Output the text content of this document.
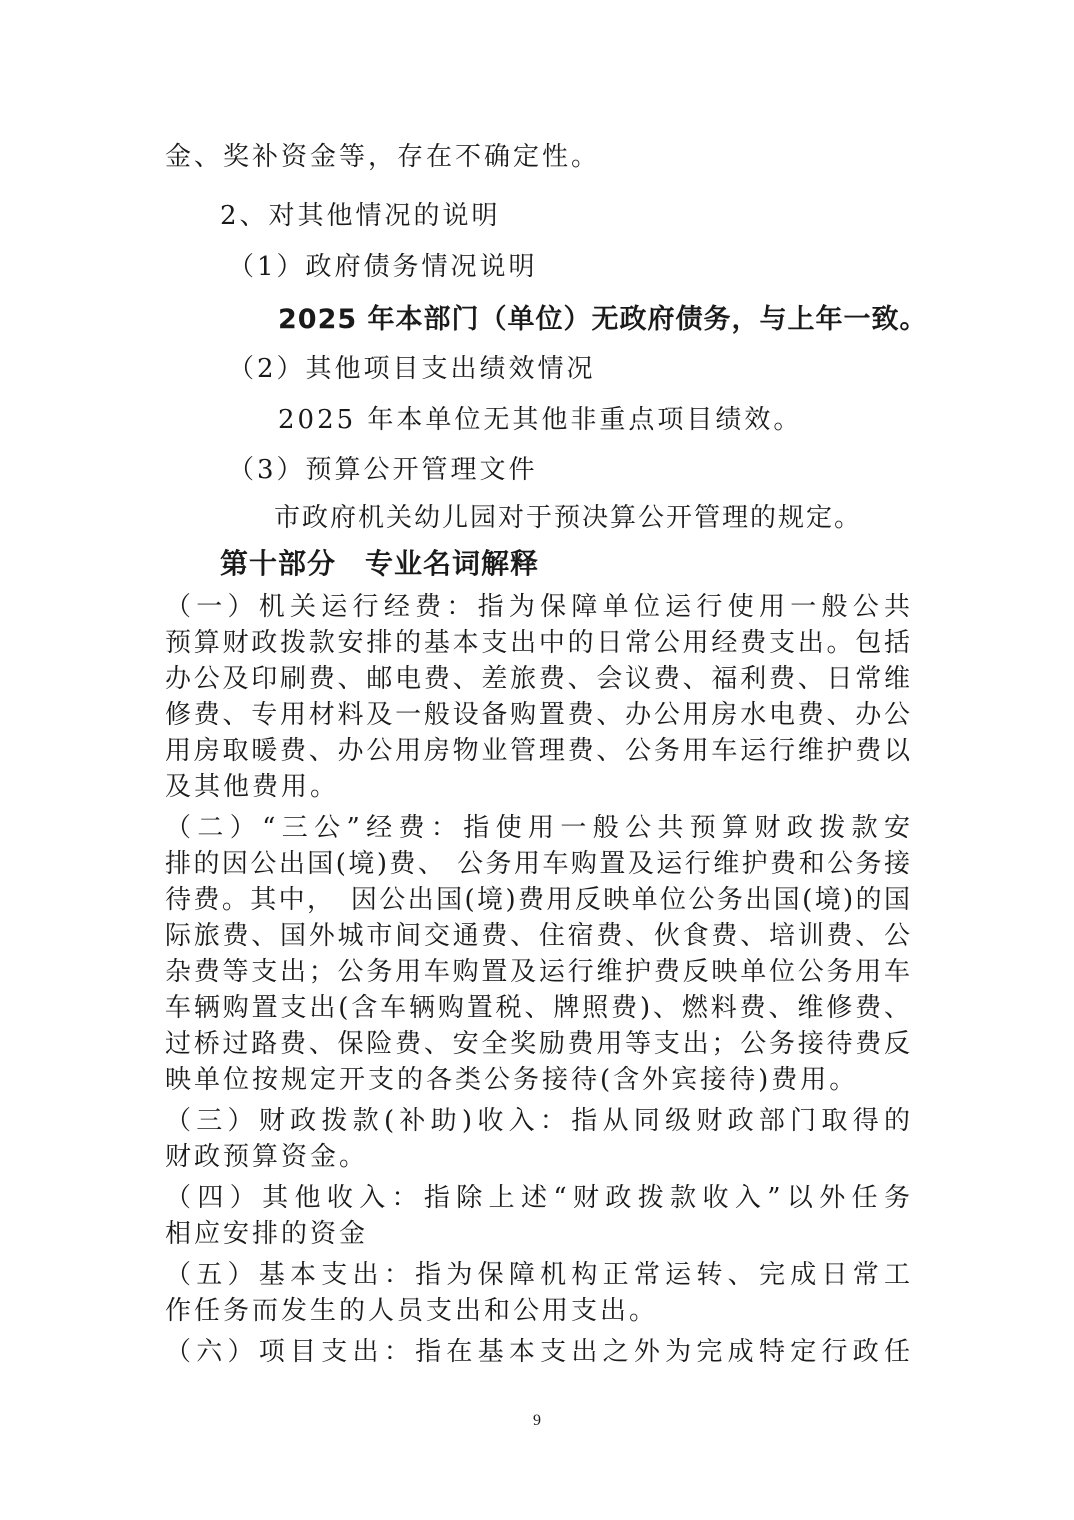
金、奖补资金等，存在不确定性。
2、对其他情况的说明
（1）政府债务情况说明
2025 年本部门（单位）无政府债务，与上年一致。
（2）其他项目支出绩效情况
2025 年本单位无其他非重点项目绩效。
（3）预算公开管理文件
市政府机关幼儿园对于预决算公开管理的规定。
第十部分　专业名词解释
（一）机关运行经费：指为保障单位运行使用一般公共
预算财政拨款安排的基本支出中的日常公用经费支出。包括
办公及印刷费、邮电费、差旅费、会议费、福利费、日常维
修费、专用材料及一般设备购置费、办公用房水电费、办公
用房取暖费、办公用房物业管理费、公务用车运行维护费以
及其他费用。
（二）“三公”经费：指使用一般公共预算财政拨款安
排的因公出国(境)费、 公务用车购置及运行维护费和公务接
待费。其中，　因公出国(境)费用反映单位公务出国(境)的国
际旅费、国外城市间交通费、住宿费、伙食费、培训费、公
杂费等支出；公务用车购置及运行维护费反映单位公务用车
车辆购置支出(含车辆购置税、牌照费)、燃料费、维修费、
过桥过路费、保险费、安全奖励费用等支出；公务接待费反
映单位按规定开支的各类公务接待(含外宾接待)费用。
（三）财政拨款(补助)收入：指从同级财政部门取得的
财政预算资金。
（四）其他收入：指除上述“财政拨款收入”以外任务
相应安排的资金
（五）基本支出：指为保障机构正常运转、完成日常工
作任务而发生的人员支出和公用支出。
（六）项目支出：指在基本支出之外为完成特定行政任
9
